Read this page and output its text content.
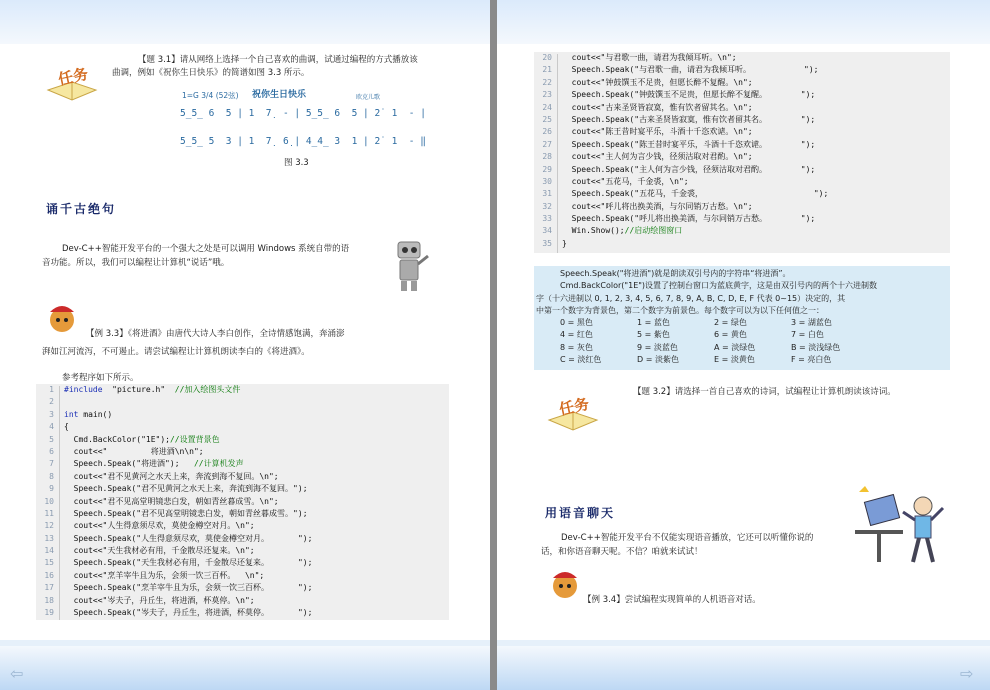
任务
【题 3.1】请从网络上选择一个自己喜欢的曲调，试通过编程的方式播放该
曲调，例如《祝你生日快乐》的简谱如图 3.3 所示。
1=G 3/4 (52弦) 祝你生日快乐	欧克儿歌
5̲5̲ 6  5 | 1  7̣  - | 5̲5̲ 6  5 | 2̇  1  - |
5̲5̲ 5  3 | 1  7̣  6̣ | 4̲4̲ 3  1 | 2̇  1  - ‖
图 3.3
诵千古绝句
Dev-C++智能开发平台的一个强大之处是可以调用 Windows 系统自带的语
音功能。所以，我们可以编程让计算机“说话”哦。
【例 3.3】《将进酒》由唐代大诗人李白创作，全诗情感饱满，奔涌澎
湃如江河流泻，不可遏止。请尝试编程让计算机朗读李白的《将进酒》。
参考程序如下所示。
1 #include  "picture.h"  //加入绘图头文件
2
3 int main()
4 {
5 Cmd.BackColor("1E");//设置背景色
6 cout<<"         将进酒\n\n";
7 Speech.Speak("将进酒");   //计算机发声
8 cout<<"君不见黄河之水天上来，奔流到海不复回。\n";
9 Speech.Speak("君不见黄河之水天上来，奔流到海不复回。");
10 cout<<"君不见高堂明镜悲白发，朝如青丝暮成雪。\n";
11 Speech.Speak("君不见高堂明镜悲白发，朝如青丝暮成雪。");
12 cout<<"人生得意须尽欢，莫使金樽空对月。\n";
13 Speech.Speak("人生得意须尽欢，莫使金樽空对月。      ");
14 cout<<"天生我材必有用，千金散尽还复来。\n";
15 Speech.Speak("天生我材必有用，千金散尽还复来。      ");
16 cout<<"烹羊宰牛且为乐，会须一饮三百杯。  \n";
17 Speech.Speak("烹羊宰牛且为乐，会须一饮三百杯。      ");
18 cout<<"岑夫子，丹丘生，将进酒，杯莫停。\n";
19 Speech.Speak("岑夫子，丹丘生，将进酒，杯莫停。      ");
20 cout<<"与君歌一曲，请君为我倾耳听。\n";
21 Speech.Speak("与君歌一曲，请君为我倾耳听。           ");
22 cout<<"钟鼓馔玉不足贵，但愿长醉不复醒。\n";
23 Speech.Speak("钟鼓馔玉不足贵，但愿长醉不复醒。       ");
24 cout<<"古来圣贤皆寂寞，惟有饮者留其名。\n";
25 Speech.Speak("古来圣贤皆寂寞，惟有饮者留其名。       ");
26 cout<<"陈王昔时宴平乐，斗酒十千恣欢谑。\n";
27 Speech.Speak("陈王昔时宴平乐，斗酒十千恣欢谑。       ");
28 cout<<"主人何为言少钱，径须沽取对君酌。\n";
29 Speech.Speak("主人何为言少钱，径须沽取对君酌。       ");
30 cout<<"五花马，千金裘，\n";
31 Speech.Speak("五花马，千金裘，                       ");
32 cout<<"呼儿将出换美酒，与尔同销万古愁。\n";
33 Speech.Speak("呼儿将出换美酒，与尔同销万古愁。       ");
34 Win.Show();//启动绘图窗口
35 }
Speech.Speak("将进酒")就是朗读双引号内的字符串“将进酒”。
Cmd.BackColor("1E")设置了控制台窗口为蓝底黄字，这是由双引号内的两个十六进制数
字（十六进制以 0, 1, 2, 3, 4, 5, 6, 7, 8, 9, A, B, C, D, E, F 代表 0~15）决定的，其
中第一个数字为背景色，第二个数字为前景色。每个数字可以为以下任何值之一：
0 = 黑色	1 = 蓝色	2 = 绿色	3 = 湖蓝色
4 = 红色	5 = 紫色	6 = 黄色	7 = 白色
8 = 灰色	9 = 淡蓝色	A = 淡绿色	B = 淡浅绿色
C = 淡红色	D = 淡紫色	E = 淡黄色	F = 亮白色
任务
【题 3.2】请选择一首自己喜欢的诗词，试编程让计算机朗读该诗词。
用语音聊天
Dev-C++智能开发平台不仅能实现语音播放，它还可以听懂你说的
话，和你语音聊天呢。不信？咱就来试试！
【例 3.4】尝试编程实现简单的人机语音对话。
⇦	⇨
